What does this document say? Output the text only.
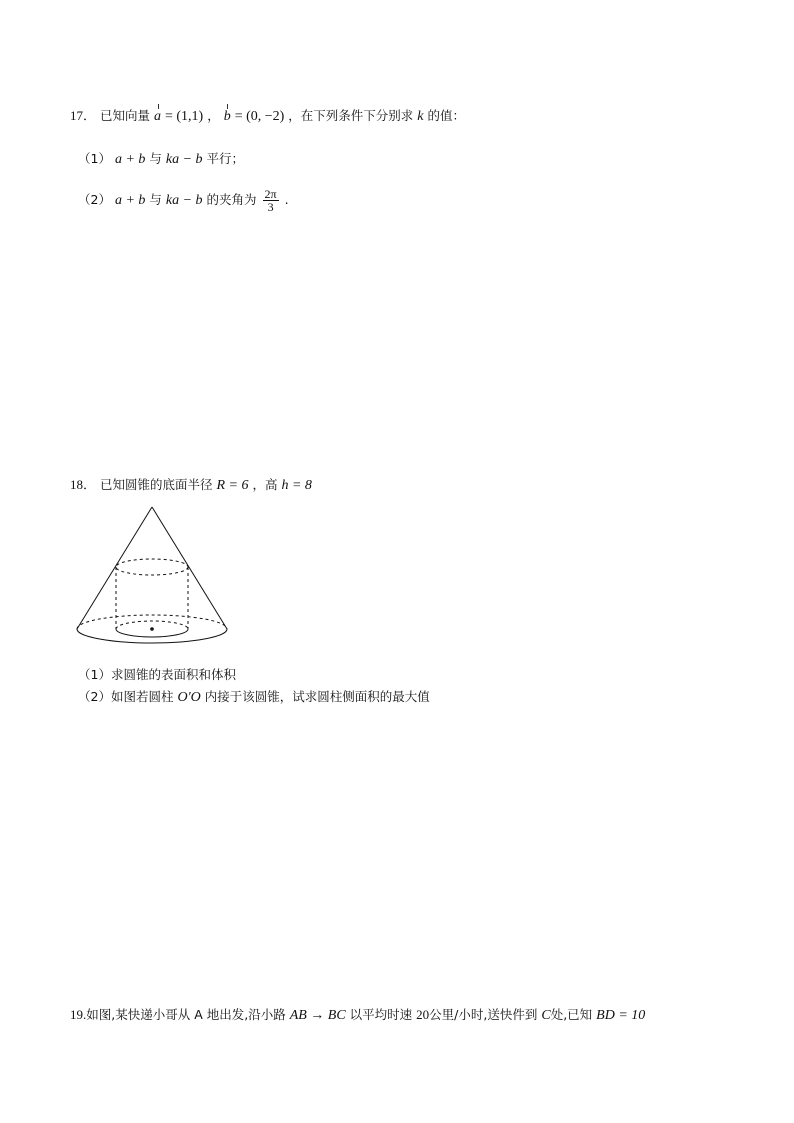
17． 已知向量 a = (1,1) ， b = (0, −2) ，在下列条件下分别求 k 的值：
（1） a + b 与 ka − b 平行；
（2） a + b 与 ka − b 的夹角为 $\frac{2\pi}{3}$ .
18． 已知圆锥的底面半径 R = 6 ，高 h = 8
（1）求圆锥的表面积和体积
（2）如图若圆柱 O′O 内接于该圆锥，试求圆柱侧面积的最大值
19.如图,某快递小哥从 A 地出发,沿小路 AB → BC 以平均时速 20公里/小时,送快件到 C处,已知 BD = 10
